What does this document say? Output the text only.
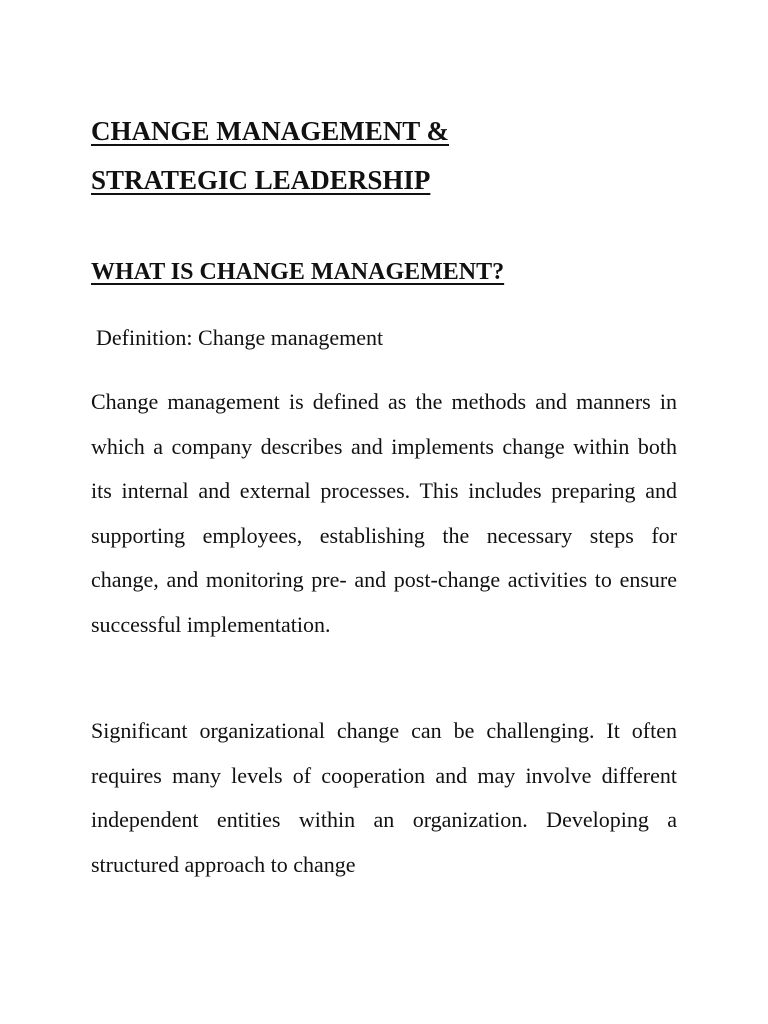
CHANGE MANAGEMENT &
STRATEGIC LEADERSHIP
WHAT IS CHANGE MANAGEMENT?

Definition: Change management

Change management is defined as the methods and manners in which a company describes and implements change within both its internal and external processes. This includes preparing and supporting employees, establishing the necessary steps for change, and monitoring pre- and post-change activities to ensure successful implementation.

Significant organizational change can be challenging. It often requires many levels of cooperation and may involve different independent entities within an organization. Developing a structured approach to change
